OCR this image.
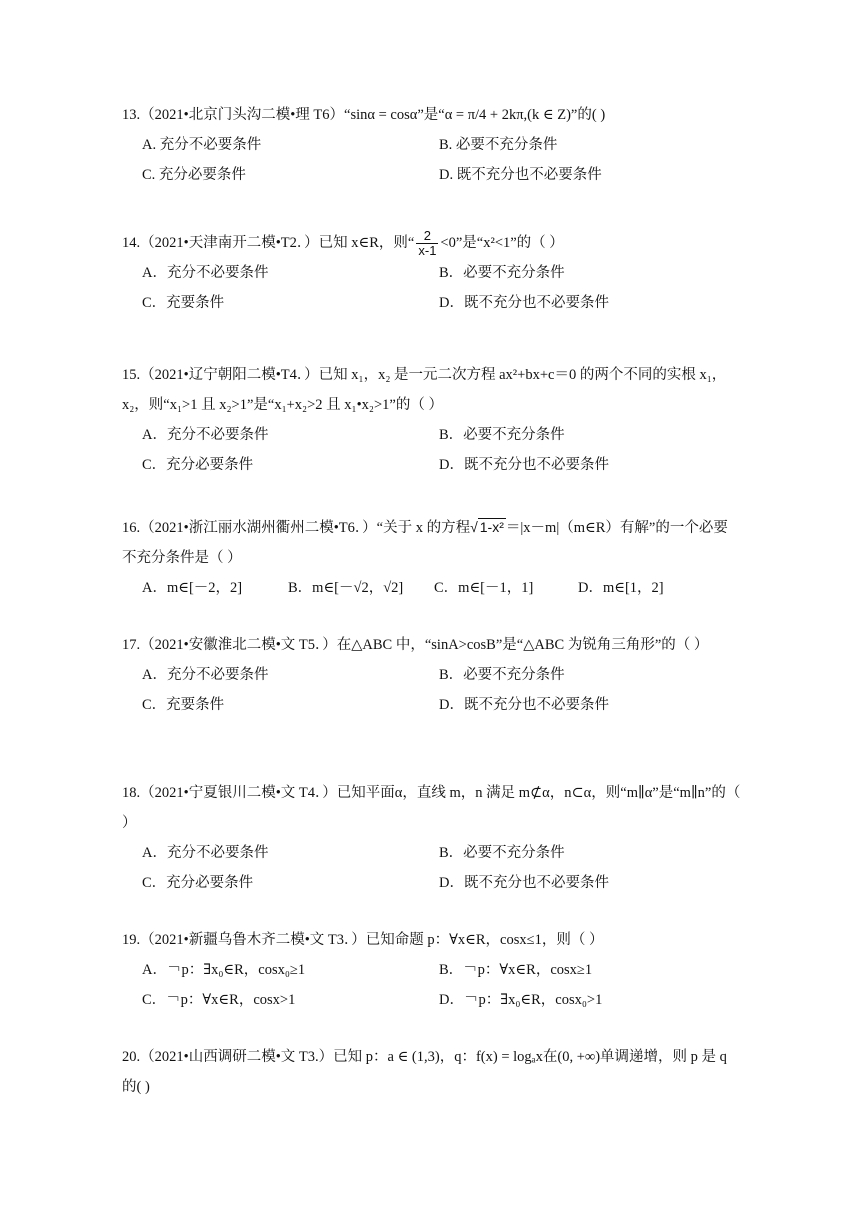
13.（2021•北京门头沟二模•理 T6）“sinα = cosα”是“α = π/4 + 2kπ,(k ∈ Z)”的( )
A. 充分不必要条件	B. 必要不充分条件
C. 充分必要条件	D. 既不充分也不必要条件
14.（2021•天津南开二模•T2．）已知 x∈R，则“ $\frac{2}{x-1} <0$”是“x²<1”的（ ）
A．充分不必要条件	B．必要不充分条件
C．充要条件	D．既不充分也不必要条件
15.（2021•辽宁朝阳二模•T4．）已知 x₁，x₂ 是一元二次方程 ax²+bx+c＝0 的两个不同的实根 x₁，x₂，则“x₁>1 且 x₂>1”是“x₁+x₂>2 且 x₁•x₂>1”的（ ）
A．充分不必要条件	B．必要不充分条件
C．充分必要条件	D．既不充分也不必要条件
16.（2021•浙江丽水湖州衢州二模•T6．）“关于 x 的方程√ 1-x² ＝|x－m|（m∈R）有解”的一个必要不充分条件是（ ）
A．m∈[－2，2]	B．m∈[－√2，√2]	C．m∈[－1，1]	D．m∈[1，2]
17.（2021•安徽淮北二模•文 T5．）在△ABC 中，“sinA>cosB”是“△ABC 为锐角三角形”的（ ）
A．充分不必要条件	B．必要不充分条件
C．充要条件	D．既不充分也不必要条件
18.（2021•宁夏银川二模•文 T4．）已知平面α，直线 m，n 满足 m⊄α，n⊂α，则“m∥α”是“m∥n”的（ ）
A．充分不必要条件	B．必要不充分条件
C．充分必要条件	D．既不充分也不必要条件
19.（2021•新疆乌鲁木齐二模•文 T3．）已知命题 p：∀x∈R，cosx≤1，则（ ）
A．￢p：∃x₀∈R，cosx₀≥1	B．￢p：∀x∈R，cosx≥1
C．￢p：∀x∈R，cosx>1	D．￢p：∃x₀∈R，cosx₀>1
20.（2021•山西调研二模•文 T3.）已知 p：a ∈ (1,3)，q：f(x) = logₐx在(0, +∞)单调递增，则 p 是 q 的( )
